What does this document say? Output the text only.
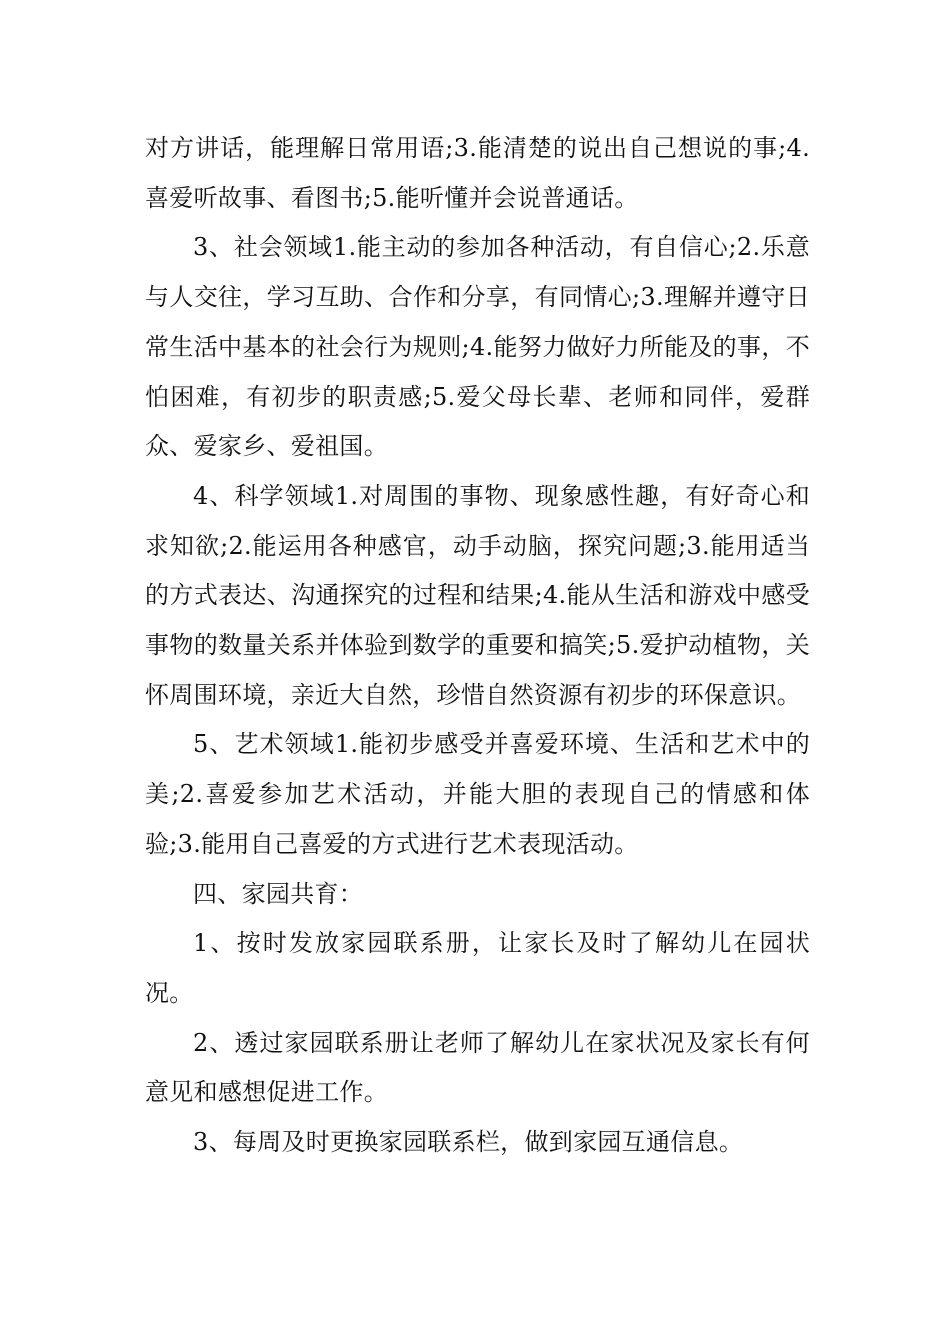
对方讲话，能理解日常用语;3.能清楚的说出自己想说的事;4.喜爱听故事、看图书;5.能听懂并会说普通话。

3、社会领域1.能主动的参加各种活动，有自信心;2.乐意与人交往，学习互助、合作和分享，有同情心;3.理解并遵守日常生活中基本的社会行为规则;4.能努力做好力所能及的事，不怕困难，有初步的职责感;5.爱父母长辈、老师和同伴，爱群众、爱家乡、爱祖国。

4、科学领域1.对周围的事物、现象感性趣，有好奇心和求知欲;2.能运用各种感官，动手动脑，探究问题;3.能用适当的方式表达、沟通探究的过程和结果;4.能从生活和游戏中感受事物的数量关系并体验到数学的重要和搞笑;5.爱护动植物，关怀周围环境，亲近大自然，珍惜自然资源有初步的环保意识。

5、艺术领域1.能初步感受并喜爱环境、生活和艺术中的美;2.喜爱参加艺术活动，并能大胆的表现自己的情感和体验;3.能用自己喜爱的方式进行艺术表现活动。

四、家园共育：

1、按时发放家园联系册，让家长及时了解幼儿在园状况。

2、透过家园联系册让老师了解幼儿在家状况及家长有何意见和感想促进工作。

3、每周及时更换家园联系栏，做到家园互通信息。
